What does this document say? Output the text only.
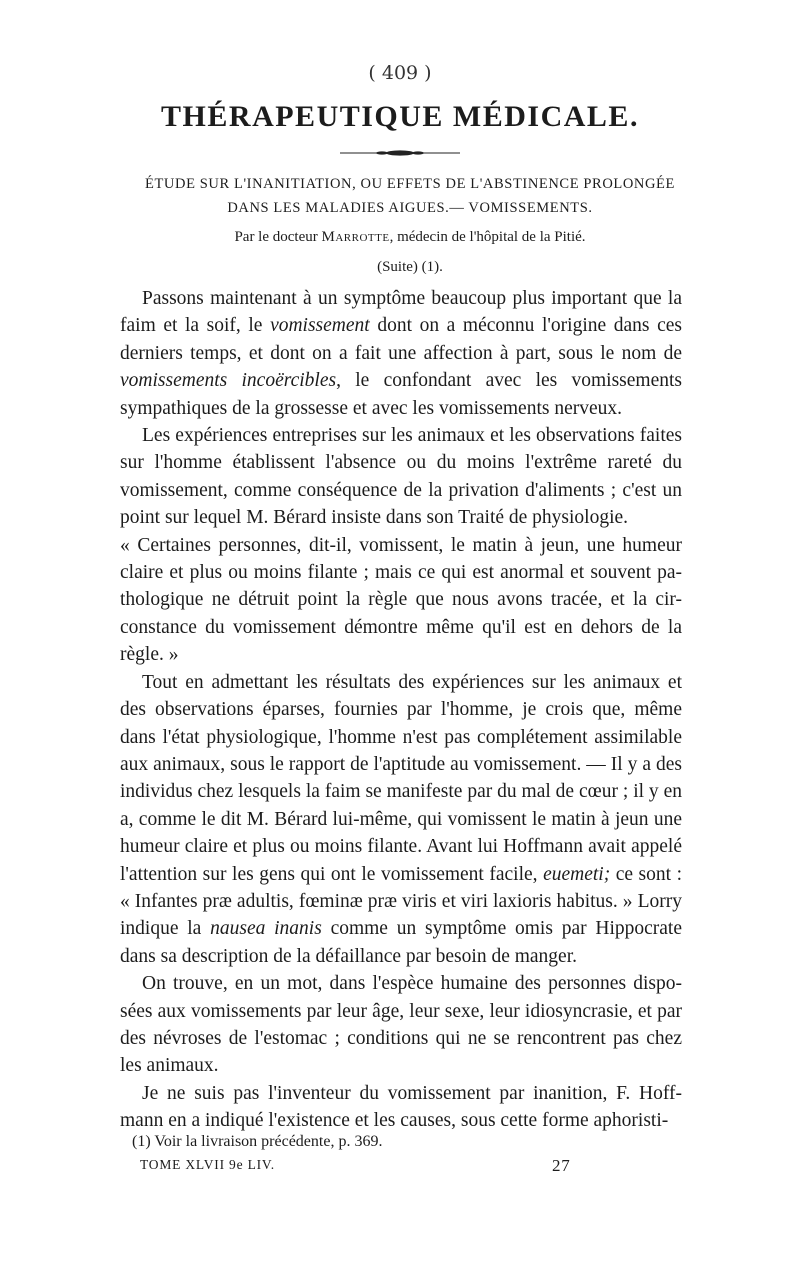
( 409 )
THÉRAPEUTIQUE MÉDICALE.
ÉTUDE SUR L'INANITIATION, OU EFFETS DE L'ABSTINENCE PROLONGÉE
DANS LES MALADIES AIGUES.— VOMISSEMENTS.
Par le docteur Marrotte, médecin de l'hôpital de la Pitié.
(Suite) (1).

Passons maintenant à un symptôme beaucoup plus important que la faim et la soif, le vomissement dont on a méconnu l'origine dans ces derniers temps, et dont on a fait une affection à part, sous le nom de vomissements incoërcibles, le confondant avec les vomissements sympathiques de la grossesse et avec les vomissements nerveux.

Les expériences entreprises sur les animaux et les observations faites sur l'homme établissent l'absence ou du moins l'extrême rareté du vomissement, comme conséquence de la privation d'aliments ; c'est un point sur lequel M. Bérard insiste dans son Traité de physiologie.

« Certaines personnes, dit-il, vomissent, le matin à jeun, une humeur claire et plus ou moins filante ; mais ce qui est anormal et souvent pa-thologique ne détruit point la règle que nous avons tracée, et la cir-constance du vomissement démontre même qu'il est en dehors de la règle. »

Tout en admettant les résultats des expériences sur les animaux et des observations éparses, fournies par l'homme, je crois que, même dans l'état physiologique, l'homme n'est pas complétement assimilable aux animaux, sous le rapport de l'aptitude au vomissement. — Il y a des individus chez lesquels la faim se manifeste par du mal de cœur ; il y en a, comme le dit M. Bérard lui-même, qui vomissent le matin à jeun une humeur claire et plus ou moins filante. Avant lui Hoffmann avait appelé l'attention sur les gens qui ont le vomissement facile, euemeti; ce sont : « Infantes præ adultis, fœminæ præ viris et viri laxioris habitus. » Lorry indique la nausea inanis comme un symptôme omis par Hippocrate dans sa description de la défaillance par besoin de manger.

On trouve, en un mot, dans l'espèce humaine des personnes dispo-sées aux vomissements par leur âge, leur sexe, leur idiosyncrasie, et par des névroses de l'estomac ; conditions qui ne se rencontrent pas chez les animaux.

Je ne suis pas l'inventeur du vomissement par inanition, F. Hoff-mann en a indiqué l'existence et les causes, sous cette forme aphoristi-

(1) Voir la livraison précédente, p. 369.
TOME XLVII 9e LIV.	27
